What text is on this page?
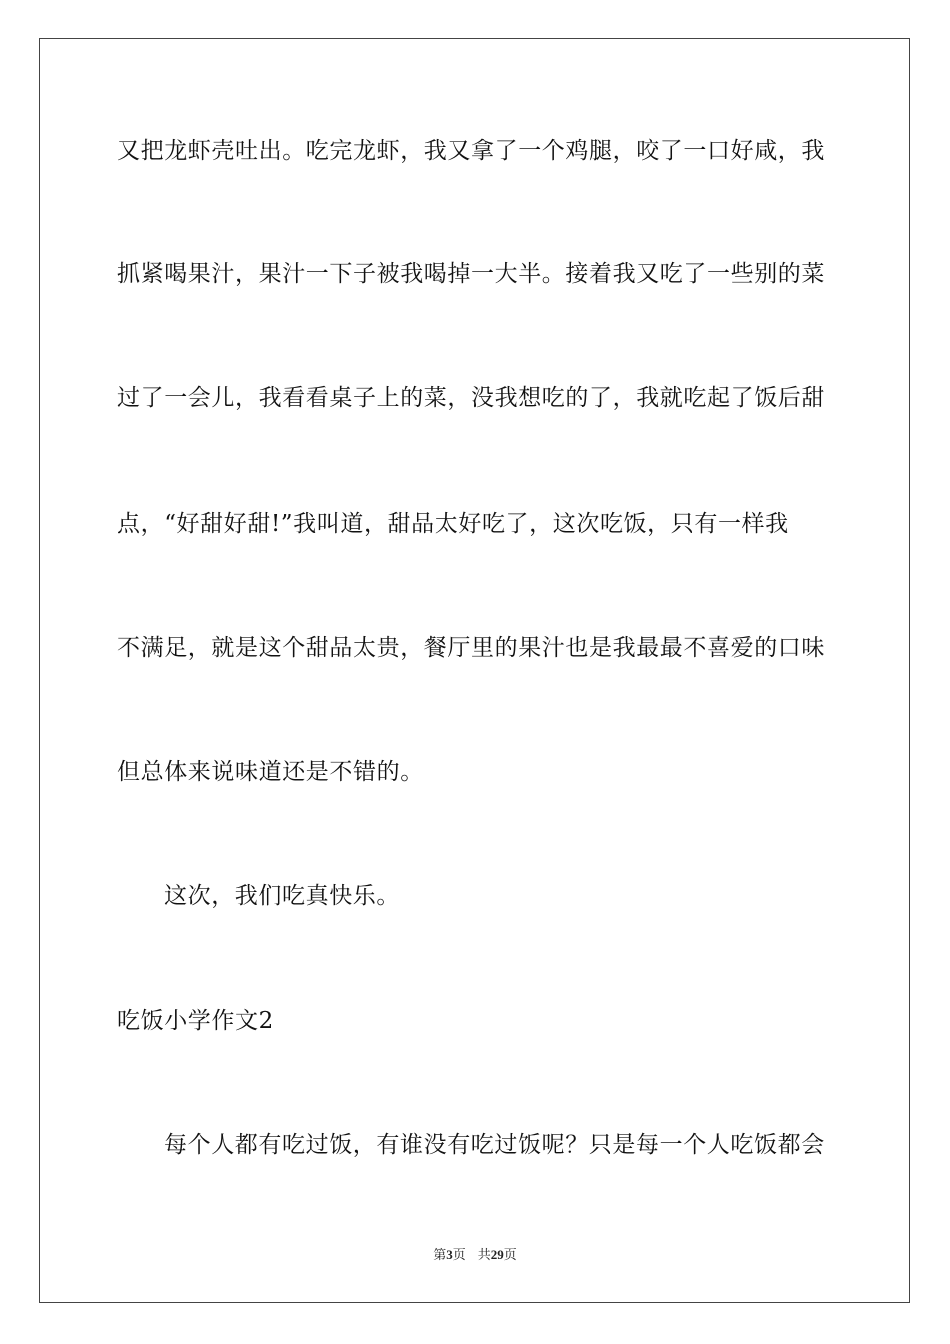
又把龙虾壳吐出。吃完龙虾，我又拿了一个鸡腿，咬了一口好咸，我
抓紧喝果汁，果汁一下子被我喝掉一大半。接着我又吃了一些别的菜
过了一会儿，我看看桌子上的菜，没我想吃的了，我就吃起了饭后甜
点，“好甜好甜!”我叫道，甜品太好吃了，这次吃饭，只有一样我
不满足，就是这个甜品太贵，餐厅里的果汁也是我最最不喜爱的口味
但总体来说味道还是不错的。
这次，我们吃真快乐。
吃饭小学作文2
每个人都有吃过饭，有谁没有吃过饭呢？只是每一个人吃饭都会
第3页 共29页
